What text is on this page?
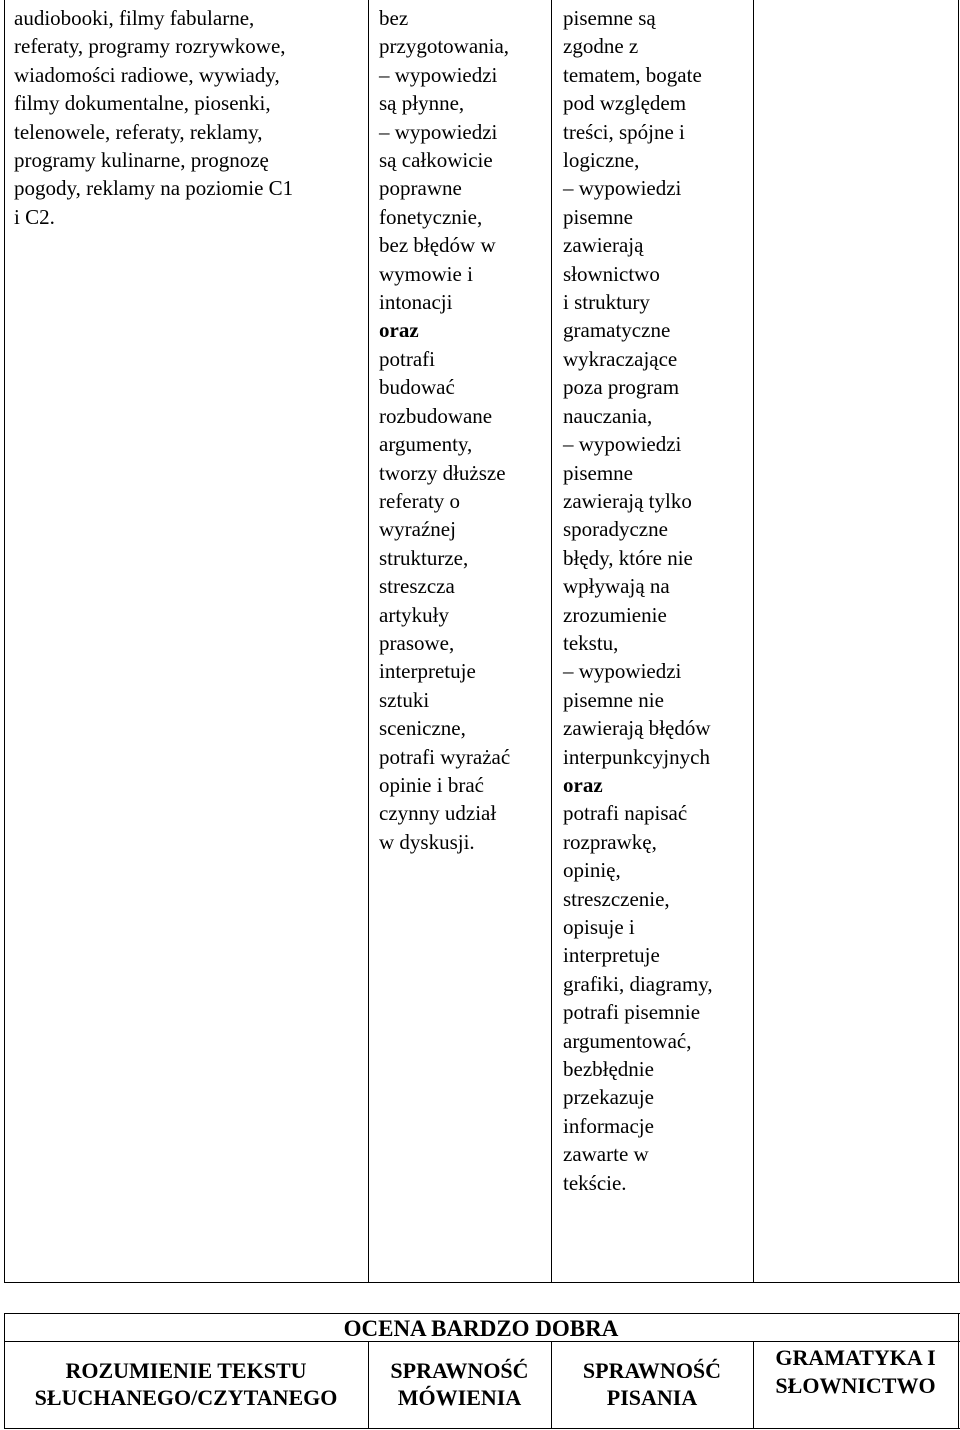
audiobooki, filmy fabularne,
referaty, programy rozrywkowe,
wiadomości radiowe, wywiady,
filmy dokumentalne, piosenki,
telenowele, referaty, reklamy,
programy kulinarne, prognozę
pogody, reklamy na poziomie C1
i C2.

bez
przygotowania,
– wypowiedzi
są płynne,
– wypowiedzi
są całkowicie
poprawne
fonetycznie,
bez błędów w
wymowie i
intonacji

oraz

potrafi
budować
rozbudowane
argumenty,
tworzy dłuższe
referaty o
wyraźnej
strukturze,
streszcza
artykuły
prasowe,
interpretuje
sztuki
sceniczne,
potrafi wyrażać
opinie i brać
czynny udział
w dyskusji.

pisemne są
zgodne z
tematem, bogate
pod względem
treści, spójne i
logiczne,
– wypowiedzi
pisemne
zawierają
słownictwo
i struktury
gramatyczne
wykraczające
poza program
nauczania,
– wypowiedzi
pisemne
zawierają tylko
sporadyczne
błędy, które nie
wpływają na
zrozumienie
tekstu,
– wypowiedzi
pisemne nie
zawierają błędów
interpunkcyjnych

oraz

potrafi napisać
rozprawkę,
opinię,
streszczenie,
opisuje i
interpretuje
grafiki, diagramy,
potrafi pisemnie
argumentować,
bezbłędnie
przekazuje
informacje
zawarte w
tekście.

OCENA BARDZO DOBRA
ROZUMIENIE TEKSTU
SŁUCHANEGO/CZYTANEGO
SPRAWNOŚĆ
MÓWIENIA
SPRAWNOŚĆ
PISANIA
GRAMATYKA I
SŁOWNICTWO
